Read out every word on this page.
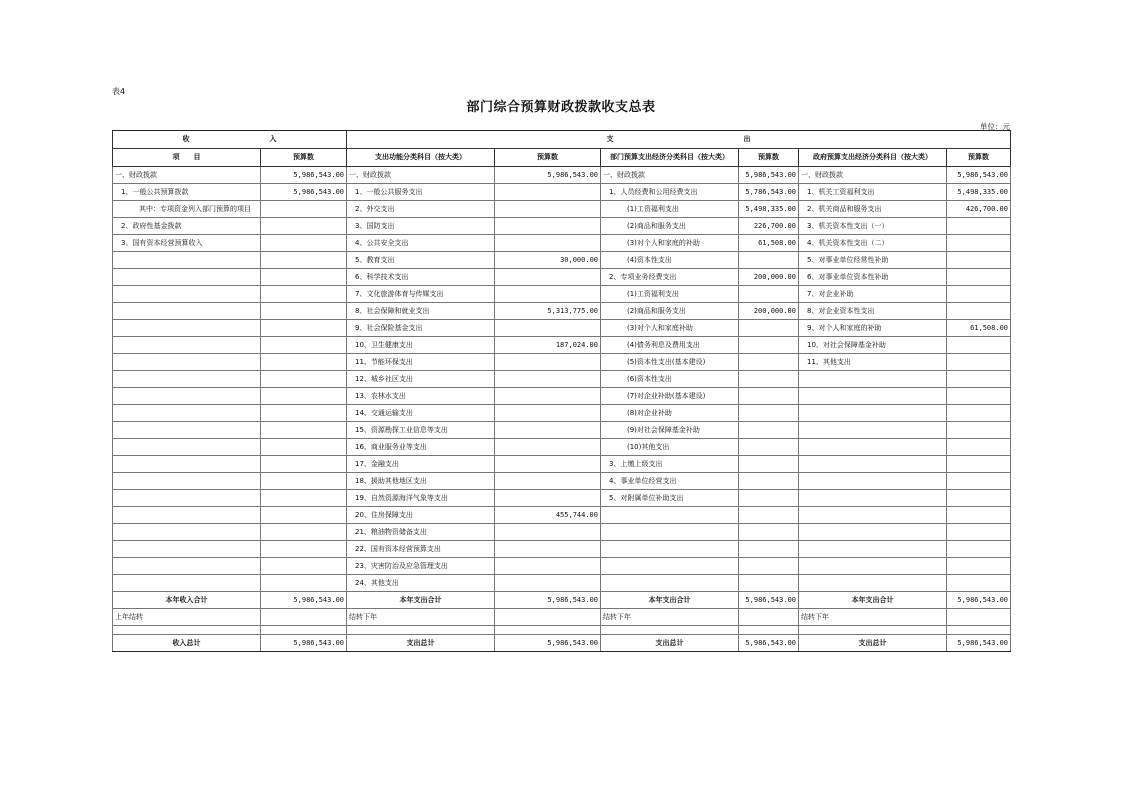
表4
部门综合预算财政拨款收支总表
单位：元
收 入		支 出					
项　　目	预算数	支出功能分类科目（按大类）	预算数	部门预算支出经济分类科目（按大类）	预算数	政府预算支出经济分类科目（按大类）	预算数
一、财政拨款	5,986,543.00	一、财政拨款	5,986,543.00	一、财政拨款	5,986,543.00	一、财政拨款	5,986,543.00
1、一般公共预算拨款	5,986,543.00	1、一般公共服务支出		1、人员经费和公用经费支出	5,786,543.00	1、机关工资福利支出	5,498,335.00
其中：专项资金列入部门预算的项目		2、外交支出		(1)工资福利支出	5,498,335.00	2、机关商品和服务支出	426,700.00
2、政府性基金拨款		3、国防支出		(2)商品和服务支出	226,700.00	3、机关资本性支出（一）	
3、国有资本经营预算收入		4、公共安全支出		(3)对个人和家庭的补助	61,508.00	4、机关资本性支出（二）	
		5、教育支出	30,000.00	(4)资本性支出		5、对事业单位经常性补助	
		6、科学技术支出		2、专项业务经费支出	200,000.00	6、对事业单位资本性补助	
		7、文化旅游体育与传媒支出		(1)工资福利支出		7、对企业补助	
		8、社会保障和就业支出	5,313,775.00	(2)商品和服务支出	200,000.00	8、对企业资本性支出	
		9、社会保险基金支出		(3)对个人和家庭补助		9、对个人和家庭的补助	61,508.00
		10、卫生健康支出	187,024.00	(4)债务利息及费用支出		10、对社会保障基金补助	
		11、节能环保支出		(5)资本性支出(基本建设)		11、其他支出	
		12、城乡社区支出		(6)资本性支出			
		13、农林水支出		(7)对企业补助(基本建设)			
		14、交通运输支出		(8)对企业补助			
		15、资源勘探工业信息等支出		(9)对社会保障基金补助			
		16、商业服务业等支出		(10)其他支出			
		17、金融支出		3、上缴上级支出			
		18、援助其他地区支出		4、事业单位经营支出			
		19、自然资源海洋气象等支出		5、对附属单位补助支出			
		20、住房保障支出	455,744.00				
		21、粮油物资储备支出					
		22、国有资本经营预算支出					
		23、灾害防治及应急管理支出					
		24、其他支出					
本年收入合计	5,986,543.00	本年支出合计	5,986,543.00	本年支出合计	5,986,543.00	本年支出合计	5,986,543.00
上年结转		结转下年		结转下年		结转下年	

收入总计	5,986,543.00	支出总计	5,986,543.00	支出总计	5,986,543.00	支出总计	5,986,543.00
